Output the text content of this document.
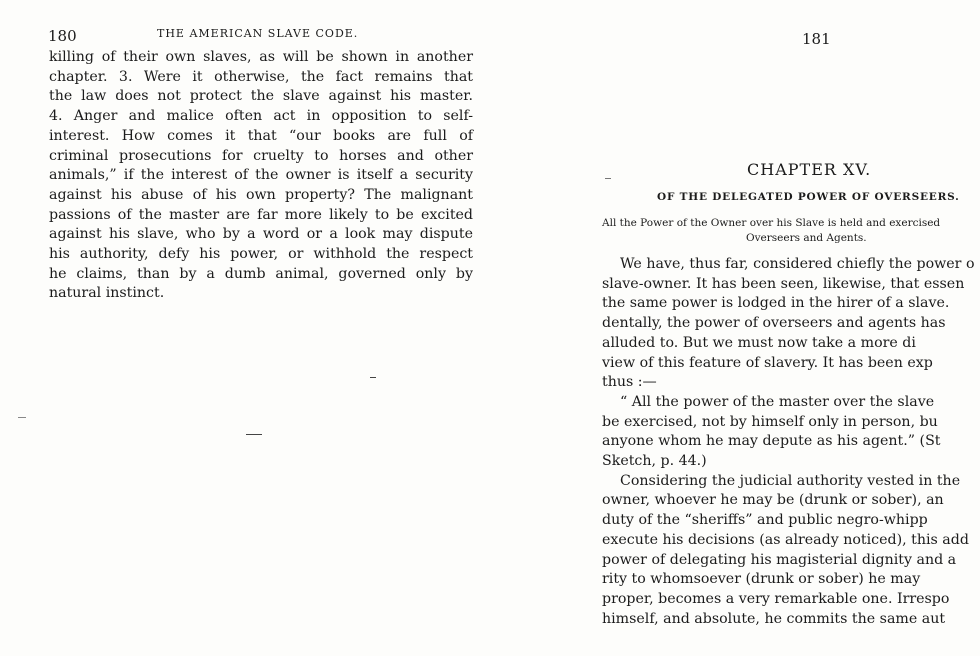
180	THE AMERICAN SLAVE CODE.
killing of their own slaves, as will be shown in another
chapter. 3. Were it otherwise, the fact remains that
the law does not protect the slave against his master.
4. Anger and malice often act in opposition to self-
interest. How comes it that “our books are full of
criminal prosecutions for cruelty to horses and other
animals,” if the interest of the owner is itself a security
against his abuse of his own property? The malignant
passions of the master are far more likely to be excited
against his slave, who by a word or a look may dispute
his authority, defy his power, or withhold the respect
he claims, than by a dumb animal, governed only by
natural instinct.
181
CHAPTER XV.
OF THE DELEGATED POWER OF OVERSEERS.
All the Power of the Owner over his Slave is held and exercised
Overseers and Agents.
We have, thus far, considered chiefly the power o
slave-owner. It has been seen, likewise, that essen
the same power is lodged in the hirer of a slave.
dentally, the power of overseers and agents has
alluded to. But we must now take a more di
view of this feature of slavery. It has been exp
thus :—
“ All the power of the master over the slave
be exercised, not by himself only in person, bu
anyone whom he may depute as his agent.” (St
Sketch, p. 44.)
Considering the judicial authority vested in the
owner, whoever he may be (drunk or sober), an
duty of the “sheriffs” and public negro-whipp
execute his decisions (as already noticed), this add
power of delegating his magisterial dignity and a
rity to whomsoever (drunk or sober) he may
proper, becomes a very remarkable one. Irrespo
himself, and absolute, he commits the same aut
